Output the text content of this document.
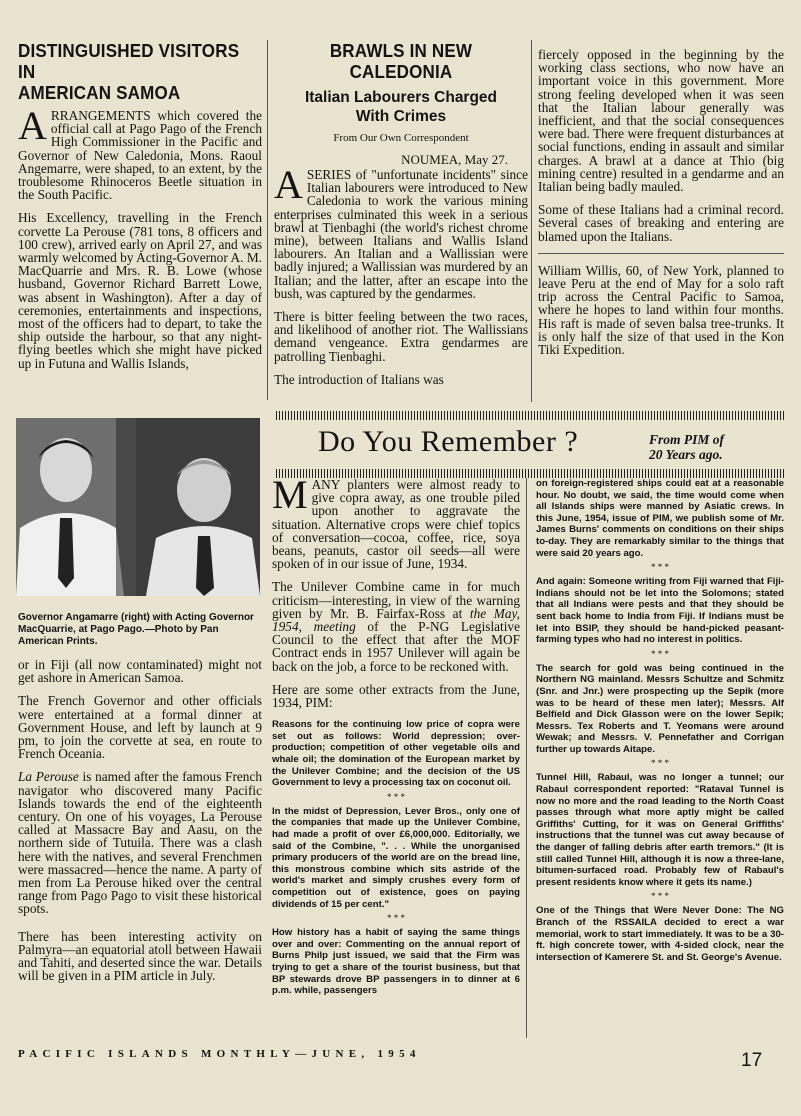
DISTINGUISHED VISITORS
IN
AMERICAN SAMOA

ARRANGEMENTS which covered the official call at Pago Pago of the French High Commissioner in the Pacific and Governor of New Caledonia, Mons. Raoul Angemarre, were shaped, to an extent, by the troublesome Rhinoceros Beetle situation in the South Pacific.

His Excellency, travelling in the French corvette La Perouse (781 tons, 8 officers and 100 crew), arrived early on April 27, and was warmly welcomed by Acting-Governor A. M. MacQuarrie and Mrs. R. B. Lowe (whose husband, Governor Richard Barrett Lowe, was absent in Washington). After a day of ceremonies, entertainments and inspections, most of the officers had to depart, to take the ship outside the harbour, so that any night-flying beetles which she might have picked up in Futuna and Wallis Islands,

Governor Angamarre (right) with Acting Governor MacQuarrie, at Pago Pago.—Photo by Pan American Prints.

or in Fiji (all now contaminated) might not get ashore in American Samoa.

The French Governor and other officials were entertained at a formal dinner at Government House, and left by launch at 9 pm, to join the corvette at sea, en route to French Oceania.

La Perouse is named after the famous French navigator who discovered many Pacific Islands towards the end of the eighteenth century. On one of his voyages, La Perouse called at Massacre Bay and Aasu, on the northern side of Tutuila. There was a clash here with the natives, and several Frenchmen were massacred—hence the name. A party of men from La Perouse hiked over the central range from Pago Pago to visit these historical spots.

There has been interesting activity on Palmyra—an equatorial atoll between Hawaii and Tahiti, and deserted since the war. Details will be given in a PIM article in July.

BRAWLS IN NEW CALEDONIA
Italian Labourers Charged
With Crimes
From Our Own Correspondent
NOUMEA, May 27.

ASERIES of "unfortunate incidents" since Italian labourers were introduced to New Caledonia to work the various mining enterprises culminated this week in a serious brawl at Tienbaghi (the world's richest chrome mine), between Italians and Wallis Island labourers. An Italian and a Wallissian were badly injured; a Wallissian was murdered by an Italian; and the latter, after an escape into the bush, was captured by the gendarmes.

There is bitter feeling between the two races, and likelihood of another riot. The Wallissians demand vengeance. Extra gendarmes are patrolling Tienbaghi.

The introduction of Italians was

fiercely opposed in the beginning by the working class sections, who now have an important voice in this government. More strong feeling developed when it was seen that the Italian labour generally was inefficient, and that the social consequences were bad. There were frequent disturbances at social functions, ending in assault and similar charges. A brawl at a dance at Thio (big mining centre) resulted in a gendarme and an Italian being badly mauled.

Some of these Italians had a criminal record. Several cases of breaking and entering are blamed upon the Italians.

William Willis, 60, of New York, planned to leave Peru at the end of May for a solo raft trip across the Central Pacific to Samoa, where he hopes to land within four months. His raft is made of seven balsa tree-trunks. It is only half the size of that used in the Kon Tiki Expedition.

Do You Remember ?	From PIM of
20 Years ago.

MANY planters were almost ready to give copra away, as one trouble piled upon another to aggravate the situation. Alternative crops were chief topics of conversation—cocoa, coffee, rice, soya beans, peanuts, castor oil seeds—all were spoken of in our issue of June, 1934.

The Unilever Combine came in for much criticism—interesting, in view of the warning given by Mr. B. Fairfax-Ross at the May, 1954, meeting of the P-NG Legislative Council to the effect that after the MOF Contract ends in 1957 Unilever will again be back on the job, a force to be reckoned with.

Here are some other extracts from the June, 1934, PIM:

Reasons for the continuing low price of copra were set out as follows: World depression; over-production; competition of other vegetable oils and whale oil; the domination of the European market by the Unilever Combine; and the decision of the US Government to levy a processing tax on coconut oil.

* * *

In the midst of Depression, Lever Bros., only one of the companies that made up the Unilever Combine, had made a profit of over £6,000,000. Editorially, we said of the Combine, ". . . While the unorganised primary producers of the world are on the bread line, this monstrous combine which sits astride of the world's market and simply crushes every form of competition out of existence, goes on paying dividends of 15 per cent."

* * *

How history has a habit of saying the same things over and over: Commenting on the annual report of Burns Philp just issued, we said that the Firm was trying to get a share of the tourist business, but that BP stewards drove BP passengers in to dinner at 6 p.m. while, passengers

on foreign-registered ships could eat at a reasonable hour. No doubt, we said, the time would come when all Islands ships were manned by Asiatic crews. In this June, 1954, issue of PIM, we publish some of Mr. James Burns' comments on conditions on their ships to-day. They are remarkably similar to the things that were said 20 years ago.

* * *

And again: Someone writing from Fiji warned that Fiji-Indians should not be let into the Solomons; stated that all Indians were pests and that they should be sent back home to India from Fiji. If Indians must be let into BSIP, they should be hand-picked peasant-farming types who had no interest in politics.

* * *

The search for gold was being continued in the Northern NG mainland. Messrs Schultze and Schmitz (Snr. and Jnr.) were prospecting up the Sepik (more was to be heard of these men later); Messrs. Alf Belfield and Dick Glasson were on the lower Sepik; Messrs. Tex Roberts and T. Yeomans were around Wewak; and Messrs. V. Pennefather and Corrigan further up towards Aitape.

* * *

Tunnel Hill, Rabaul, was no longer a tunnel; our Rabaul correspondent reported: "Rataval Tunnel is now no more and the road leading to the North Coast passes through what more aptly might be called Griffiths' Cutting, for it was on General Griffiths' instructions that the tunnel was cut away because of the danger of falling debris after earth tremors." (It is still called Tunnel Hill, although it is now a three-lane, bitumen-surfaced road. Probably few of Rabaul's present residents know where it gets its name.)

* * *

One of the Things that Were Never Done: The NG Branch of the RSSAILA decided to erect a war memorial, work to start immediately. It was to be a 30-ft. high concrete tower, with 4-sided clock, near the intersection of Kamerere St. and St. George's Avenue.

PACIFIC ISLANDS MONTHLY—JUNE, 1954	17
